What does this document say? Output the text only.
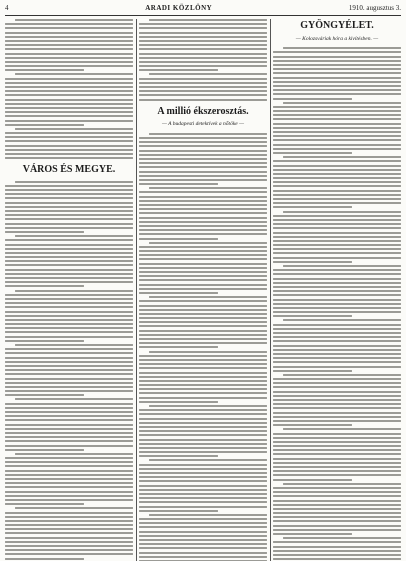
4	ARADI KÖZLÖNY	1910. augusztus 3.
VÁROS ÉS MEGYE.
A millió ékszerosztás.
— A budapesti detektívek a nőtöke —
GYÖNGYÉLET.
— Kolozsváriak hóra a kivítésben. —
